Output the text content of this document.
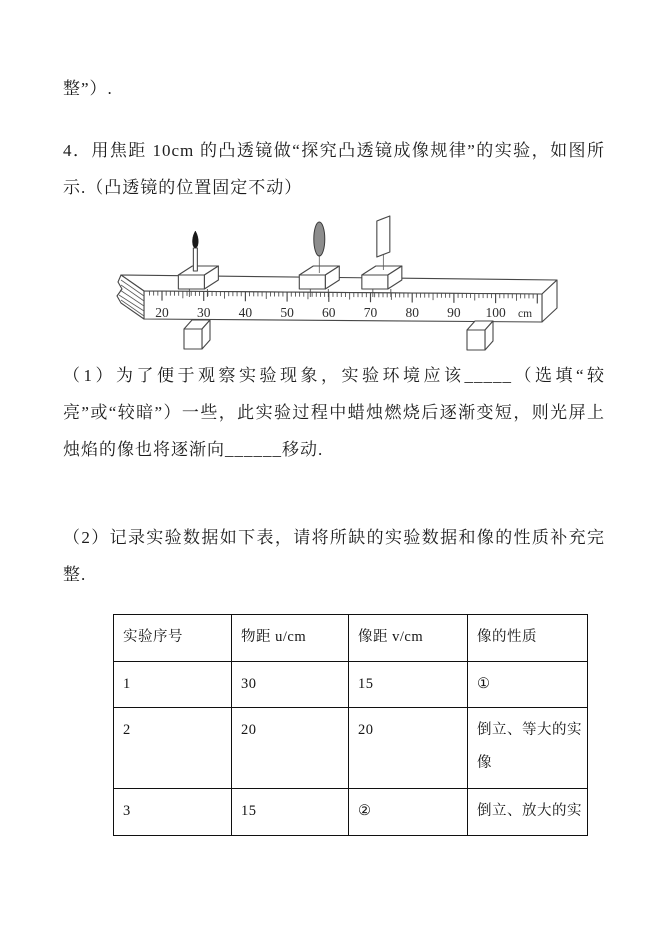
整”）.
4．用焦距 10cm 的凸透镜做“探究凸透镜成像规律”的实验，如图所示.（凸透镜的位置固定不动）
20 30 40 50 60 70 80 90 100 cm
（1）为了便于观察实验现象，实验环境应该_____（选填“较亮”或“较暗”）一些，此实验过程中蜡烛燃烧后逐渐变短，则光屏上烛焰的像也将逐渐向______移动.
（2）记录实验数据如下表，请将所缺的实验数据和像的性质补充完整.
实验序号	物距 u/cm	像距 v/cm	像的性质
1	30	15	①
2	20	20	倒立、等大的实像
3	15	②	倒立、放大的实
